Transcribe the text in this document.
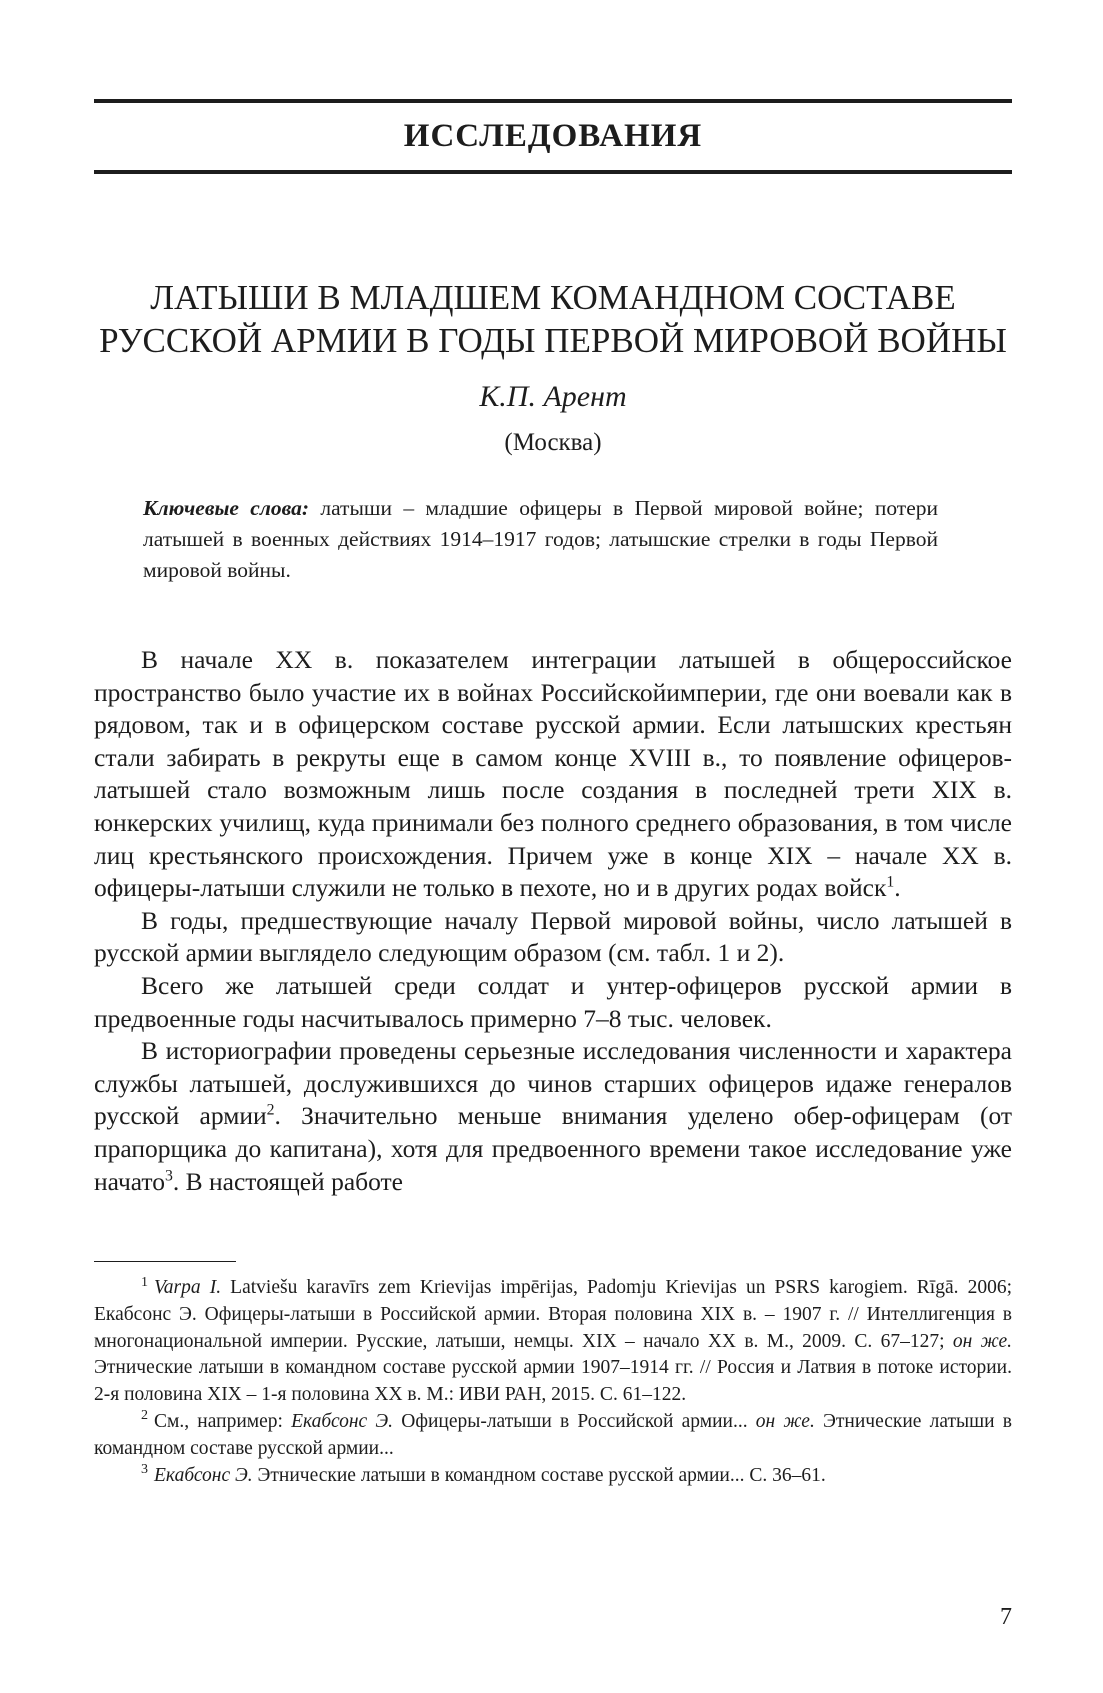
ИССЛЕДОВАНИЯ
ЛАТЫШИ В МЛАДШЕМ КОМАНДНОМ СОСТАВЕ
РУССКОЙ АРМИИ В ГОДЫ ПЕРВОЙ МИРОВОЙ ВОЙНЫ

К.П. Арент

(Москва)

Ключевые слова: латыши – младшие офицеры в Первой мировой войне; потери латышей в военных действиях 1914–1917 годов; латышские стрелки в годы Первой мировой войны.

В начале XX в. показателем интеграции латышей в общероссийское пространство было участие их в войнах Российскойимперии, где они воевали как в рядовом, так и в офицерском составе русской армии. Если латышских крестьян стали забирать в рекруты еще в самом конце XVIII в., то появление офицеров-латышей стало возможным лишь после создания в последней трети XIX в. юнкерских училищ, куда принимали без полного среднего образования, в том числе лиц крестьянского происхождения. Причем уже в конце XIX – начале XX в. офицеры-латыши служили не только в пехоте, но и в других родах войск$^1$.

В годы, предшествующие началу Первой мировой войны, число латышей в русской армии выглядело следующим образом (см. табл. 1 и 2).

Всего же латышей среди солдат и унтер-офицеров русской армии в предвоенные годы насчитывалось примерно 7–8 тыс. человек.

В историографии проведены серьезные исследования численности и характера службы латышей, дослужившихся до чинов старших офицеров идаже генералов русской армии$^2$. Значительно меньше внимания уделено обер-офицерам (от прапорщика до капитана), хотя для предвоенного времени такое исследование уже начато$^3$. В настоящей работе

$^1$ Varpa I. Latviešu karavīrs zem Krievijas impērijas, Padomju Krievijas un PSRS karogiem. Rīgā. 2006; Екабсонс Э. Офицеры-латыши в Российской армии. Вторая половина XIX в. – 1907 г. // Интеллигенция в многонациональной империи. Русские, латыши, немцы. XIX – начало XX в. М., 2009. С. 67–127; он же. Этнические латыши в командном составе русской армии 1907–1914 гг. // Россия и Латвия в потоке истории. 2-я половина XIX – 1-я половина XX в. М.: ИВИ РАН, 2015. С. 61–122.

$^2$ См., например: Екабсонс Э. Офицеры-латыши в Российской армии... он же. Этнические латыши в командном составе русской армии...

$^3$ Екабсонс Э. Этнические латыши в командном составе русской армии... С. 36–61.

7
